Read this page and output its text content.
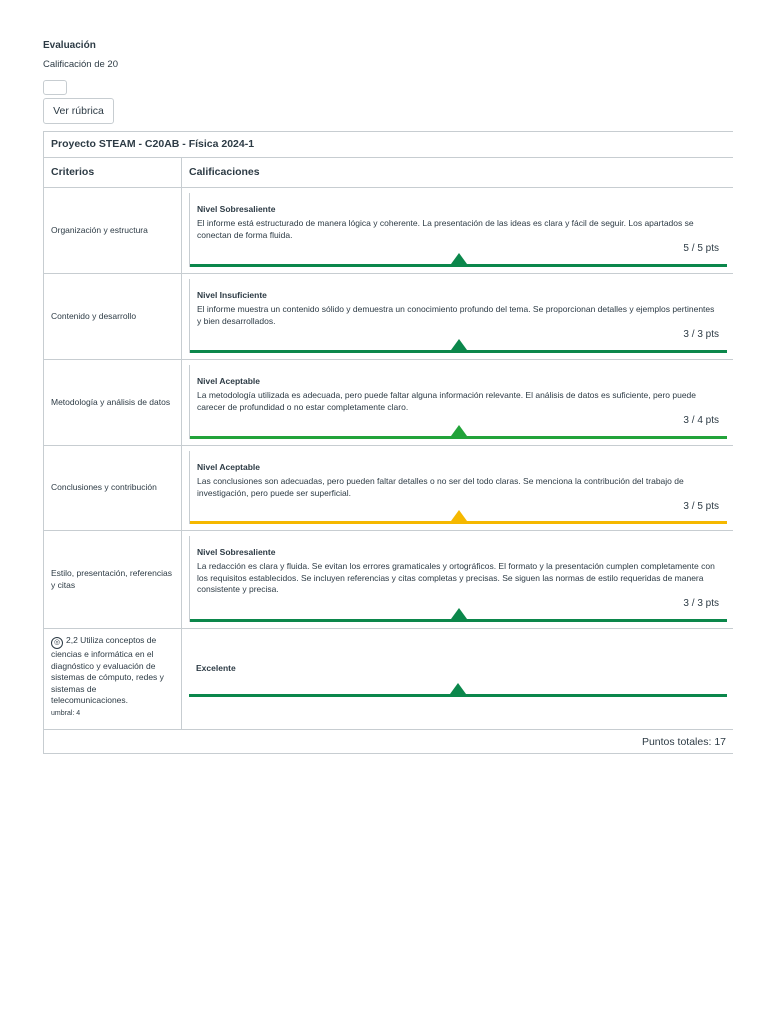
Evaluación
Calificación de 20
Ver rúbrica
Proyecto STEAM - C20AB - Física 2024-1
Criterios	Calificaciones
Organización y estructura
Nivel Sobresaliente
El informe está estructurado de manera lógica y coherente. La presentación de las ideas es clara y fácil de seguir. Los apartados se conectan de forma fluida.
5 / 5 pts
Contenido y desarrollo
Nivel Insuficiente
El informe muestra un contenido sólido y demuestra un conocimiento profundo del tema. Se proporcionan detalles y ejemplos pertinentes y bien desarrollados.
3 / 3 pts
Metodología y análisis de datos
Nivel Aceptable
La metodología utilizada es adecuada, pero puede faltar alguna información relevante. El análisis de datos es suficiente, pero puede carecer de profundidad o no estar completamente claro.
3 / 4 pts
Conclusiones y contribución
Nivel Aceptable
Las conclusiones son adecuadas, pero pueden faltar detalles o no ser del todo claras. Se menciona la contribución del trabajo de investigación, pero puede ser superficial.
3 / 5 pts
Estilo, presentación, referencias y citas
Nivel Sobresaliente
La redacción es clara y fluida. Se evitan los errores gramaticales y ortográficos. El formato y la presentación cumplen completamente con los requisitos establecidos. Se incluyen referencias y citas completas y precisas. Se siguen las normas de estilo requeridas de manera consistente y precisa.
3 / 3 pts
◎ 2,2 Utiliza conceptos de ciencias e informática en el diagnóstico y evaluación de sistemas de cómputo, redes y sistemas de telecomunicaciones.
umbral: 4
Excelente
Puntos totales: 17
